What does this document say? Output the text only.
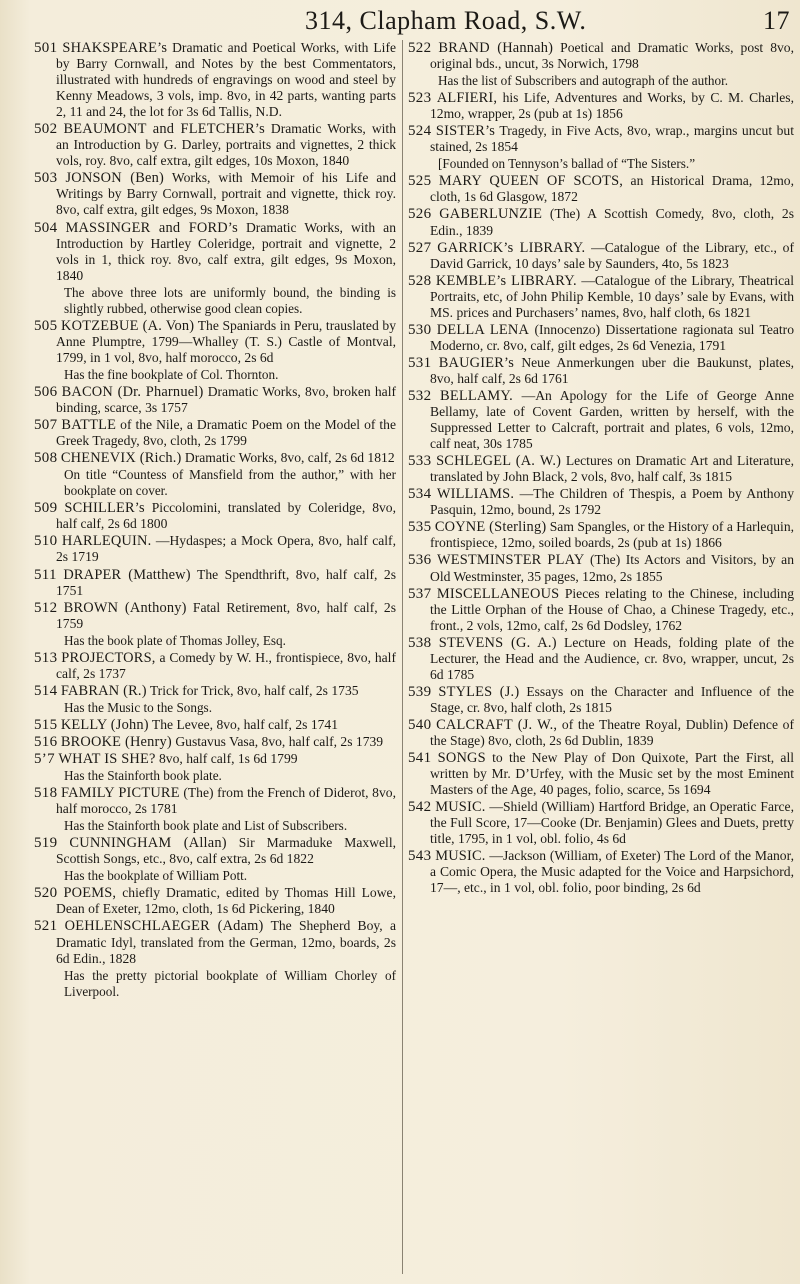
314, Clapham Road, S.W.	17
501 SHAKSPEARE’s Dramatic and Poetical Works, with Life by Barry Cornwall, and Notes by the best Commentators, illustrated with hundreds of engravings on wood and steel by Kenny Meadows, 3 vols, imp. 8vo, in 42 parts, wanting parts 2, 11 and 24, the lot for 3s 6d Tallis, N.D.
502 BEAUMONT and FLETCHER’s Dramatic Works, with an Introduction by G. Darley, portraits and vignettes, 2 thick vols, roy. 8vo, calf extra, gilt edges, 10s Moxon, 1840
503 JONSON (Ben) Works, with Memoir of his Life and Writings by Barry Cornwall, portrait and vignette, thick roy. 8vo, calf extra, gilt edges, 9s Moxon, 1838
504 MASSINGER and FORD’s Dramatic Works, with an Introduction by Hartley Coleridge, portrait and vignette, 2 vols in 1, thick roy. 8vo, calf extra, gilt edges, 9s Moxon, 1840
The above three lots are uniformly bound, the binding is slightly rubbed, otherwise good clean copies.
505 KOTZEBUE (A. Von) The Spaniards in Peru, trauslated by Anne Plumptre, 1799—Whalley (T. S.) Castle of Montval, 1799, in 1 vol, 8vo, half morocco, 2s 6d
Has the fine bookplate of Col. Thornton.
506 BACON (Dr. Pharnuel) Dramatic Works, 8vo, broken half binding, scarce, 3s 1757
507 BATTLE of the Nile, a Dramatic Poem on the Model of the Greek Tragedy, 8vo, cloth, 2s 1799
508 CHENEVIX (Rich.) Dramatic Works, 8vo, calf, 2s 6d 1812
On title “Countess of Mansfield from the author,” with her bookplate on cover.
509 SCHILLER’s Piccolomini, translated by Coleridge, 8vo, half calf, 2s 6d 1800
510 HARLEQUIN. —Hydaspes; a Mock Opera, 8vo, half calf, 2s 1719
511 DRAPER (Matthew) The Spendthrift, 8vo, half calf, 2s 1751
512 BROWN (Anthony) Fatal Retirement, 8vo, half calf, 2s 1759
Has the book plate of Thomas Jolley, Esq.
513 PROJECTORS, a Comedy by W. H., frontispiece, 8vo, half calf, 2s 1737
514 FABRAN (R.) Trick for Trick, 8vo, half calf, 2s 1735
Has the Music to the Songs.
515 KELLY (John) The Levee, 8vo, half calf, 2s 1741
516 BROOKE (Henry) Gustavus Vasa, 8vo, half calf, 2s 1739
5’7 WHAT IS SHE? 8vo, half calf, 1s 6d 1799
Has the Stainforth book plate.
518 FAMILY PICTURE (The) from the French of Diderot, 8vo, half morocco, 2s 1781
Has the Stainforth book plate and List of Subscribers.
519 CUNNINGHAM (Allan) Sir Marmaduke Maxwell, Scottish Songs, etc., 8vo, calf extra, 2s 6d 1822
Has the bookplate of William Pott.
520 POEMS, chiefly Dramatic, edited by Thomas Hill Lowe, Dean of Exeter, 12mo, cloth, 1s 6d Pickering, 1840
521 OEHLENSCHLAEGER (Adam) The Shepherd Boy, a Dramatic Idyl, translated from the German, 12mo, boards, 2s 6d Edin., 1828
Has the pretty pictorial bookplate of William Chorley of Liverpool.
522 BRAND (Hannah) Poetical and Dramatic Works, post 8vo, original bds., uncut, 3s Norwich, 1798
Has the list of Subscribers and autograph of the author.
523 ALFIERI, his Life, Adventures and Works, by C. M. Charles, 12mo, wrapper, 2s (pub at 1s) 1856
524 SISTER’s Tragedy, in Five Acts, 8vo, wrap., margins uncut but stained, 2s 1854
[Founded on Tennyson’s ballad of “The Sisters.”
525 MARY QUEEN OF SCOTS, an Historical Drama, 12mo, cloth, 1s 6d Glasgow, 1872
526 GABERLUNZIE (The) A Scottish Comedy, 8vo, cloth, 2s Edin., 1839
527 GARRICK’s LIBRARY. —Catalogue of the Library, etc., of David Garrick, 10 days’ sale by Saunders, 4to, 5s 1823
528 KEMBLE’s LIBRARY. —Catalogue of the Library, Theatrical Portraits, etc, of John Philip Kemble, 10 days’ sale by Evans, with MS. prices and Purchasers’ names, 8vo, half cloth, 6s 1821
530 DELLA LENA (Innocenzo) Dissertatione ragionata sul Teatro Moderno, cr. 8vo, calf, gilt edges, 2s 6d Venezia, 1791
531 BAUGIER’s Neue Anmerkungen uber die Baukunst, plates, 8vo, half calf, 2s 6d 1761
532 BELLAMY. —An Apology for the Life of George Anne Bellamy, late of Covent Garden, written by herself, with the Suppressed Letter to Calcraft, portrait and plates, 6 vols, 12mo, calf neat, 30s 1785
533 SCHLEGEL (A. W.) Lectures on Dramatic Art and Literature, translated by John Black, 2 vols, 8vo, half calf, 3s 1815
534 WILLIAMS. —The Children of Thespis, a Poem by Anthony Pasquin, 12mo, bound, 2s 1792
535 COYNE (Sterling) Sam Spangles, or the History of a Harlequin, frontispiece, 12mo, soiled boards, 2s (pub at 1s) 1866
536 WESTMINSTER PLAY (The) Its Actors and Visitors, by an Old Westminster, 35 pages, 12mo, 2s 1855
537 MISCELLANEOUS Pieces relating to the Chinese, including the Little Orphan of the House of Chao, a Chinese Tragedy, etc., front., 2 vols, 12mo, calf, 2s 6d Dodsley, 1762
538 STEVENS (G. A.) Lecture on Heads, folding plate of the Lecturer, the Head and the Audience, cr. 8vo, wrapper, uncut, 2s 6d 1785
539 STYLES (J.) Essays on the Character and Influence of the Stage, cr. 8vo, half cloth, 2s 1815
540 CALCRAFT (J. W., of the Theatre Royal, Dublin) Defence of the Stage) 8vo, cloth, 2s 6d Dublin, 1839
541 SONGS to the New Play of Don Quixote, Part the First, all written by Mr. D’Urfey, with the Music set by the most Eminent Masters of the Age, 40 pages, folio, scarce, 5s 1694
542 MUSIC. —Shield (William) Hartford Bridge, an Operatic Farce, the Full Score, 17—Cooke (Dr. Benjamin) Glees and Duets, pretty title, 1795, in 1 vol, obl. folio, 4s 6d
543 MUSIC. —Jackson (William, of Exeter) The Lord of the Manor, a Comic Opera, the Music adapted for the Voice and Harpsichord, 17—, etc., in 1 vol, obl. folio, poor binding, 2s 6d
